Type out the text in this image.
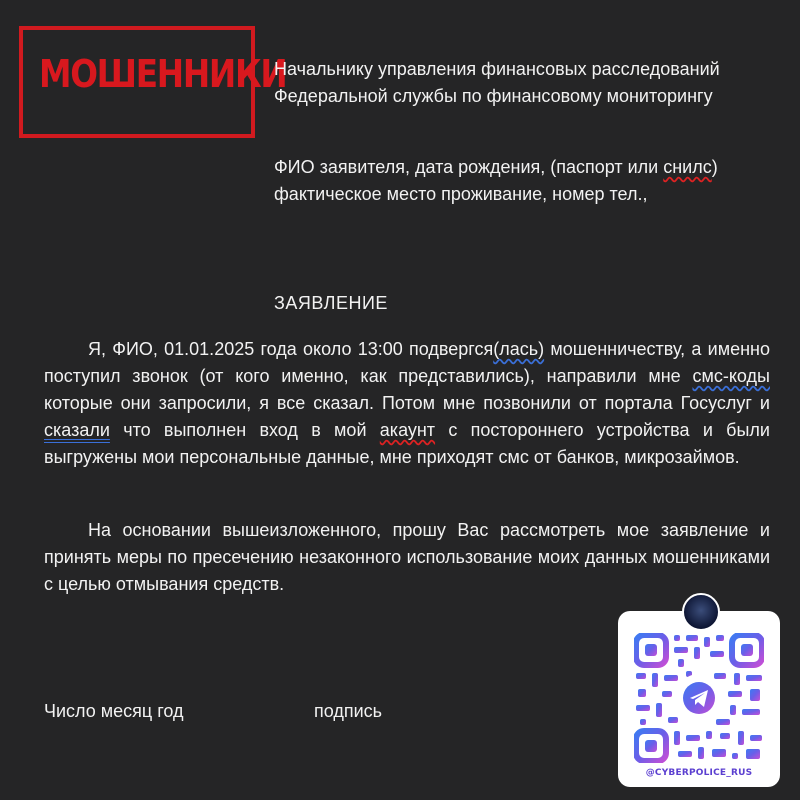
МОШЕННИКИ
Начальнику управления финансовых расследований
Федеральной службы по финансовому мониторингу
ФИО заявителя, дата рождения, (паспорт или снилс)
фактическое место проживание, номер тел.,
ЗАЯВЛЕНИЕ

Я, ФИО, 01.01.2025 года около 13:00 подвергся(лась) мошенничеству, а именно поступил звонок (от кого именно, как представились), направили мне смс-коды которые они запросили, я все сказал. Потом мне позвонили от портала Госуслуг и сказали что выполнен вход в мой акаунт с постороннего устройства и были выгружены мои персональные данные, мне приходят смс от банков, микрозаймов.

На основании вышеизложенного, прошу Вас рассмотреть мое заявление и принять меры по пресечению незаконного использование моих данных мошенниками с целью отмывания средств.

Число месяц год	подпись
@CYBERPOLICE_RUS
